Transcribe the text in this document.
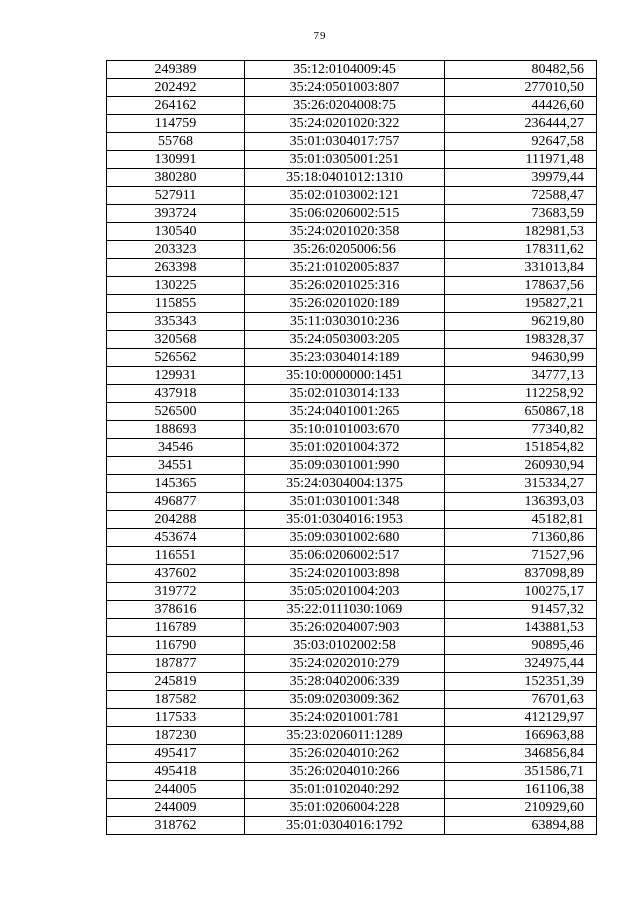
79
249389	35:12:0104009:45	80482,56
202492	35:24:0501003:807	277010,50
264162	35:26:0204008:75	44426,60
114759	35:24:0201020:322	236444,27
55768	35:01:0304017:757	92647,58
130991	35:01:0305001:251	111971,48
380280	35:18:0401012:1310	39979,44
527911	35:02:0103002:121	72588,47
393724	35:06:0206002:515	73683,59
130540	35:24:0201020:358	182981,53
203323	35:26:0205006:56	178311,62
263398	35:21:0102005:837	331013,84
130225	35:26:0201025:316	178637,56
115855	35:26:0201020:189	195827,21
335343	35:11:0303010:236	96219,80
320568	35:24:0503003:205	198328,37
526562	35:23:0304014:189	94630,99
129931	35:10:0000000:1451	34777,13
437918	35:02:0103014:133	112258,92
526500	35:24:0401001:265	650867,18
188693	35:10:0101003:670	77340,82
34546	35:01:0201004:372	151854,82
34551	35:09:0301001:990	260930,94
145365	35:24:0304004:1375	315334,27
496877	35:01:0301001:348	136393,03
204288	35:01:0304016:1953	45182,81
453674	35:09:0301002:680	71360,86
116551	35:06:0206002:517	71527,96
437602	35:24:0201003:898	837098,89
319772	35:05:0201004:203	100275,17
378616	35:22:0111030:1069	91457,32
116789	35:26:0204007:903	143881,53
116790	35:03:0102002:58	90895,46
187877	35:24:0202010:279	324975,44
245819	35:28:0402006:339	152351,39
187582	35:09:0203009:362	76701,63
117533	35:24:0201001:781	412129,97
187230	35:23:0206011:1289	166963,88
495417	35:26:0204010:262	346856,84
495418	35:26:0204010:266	351586,71
244005	35:01:0102040:292	161106,38
244009	35:01:0206004:228	210929,60
318762	35:01:0304016:1792	63894,88
